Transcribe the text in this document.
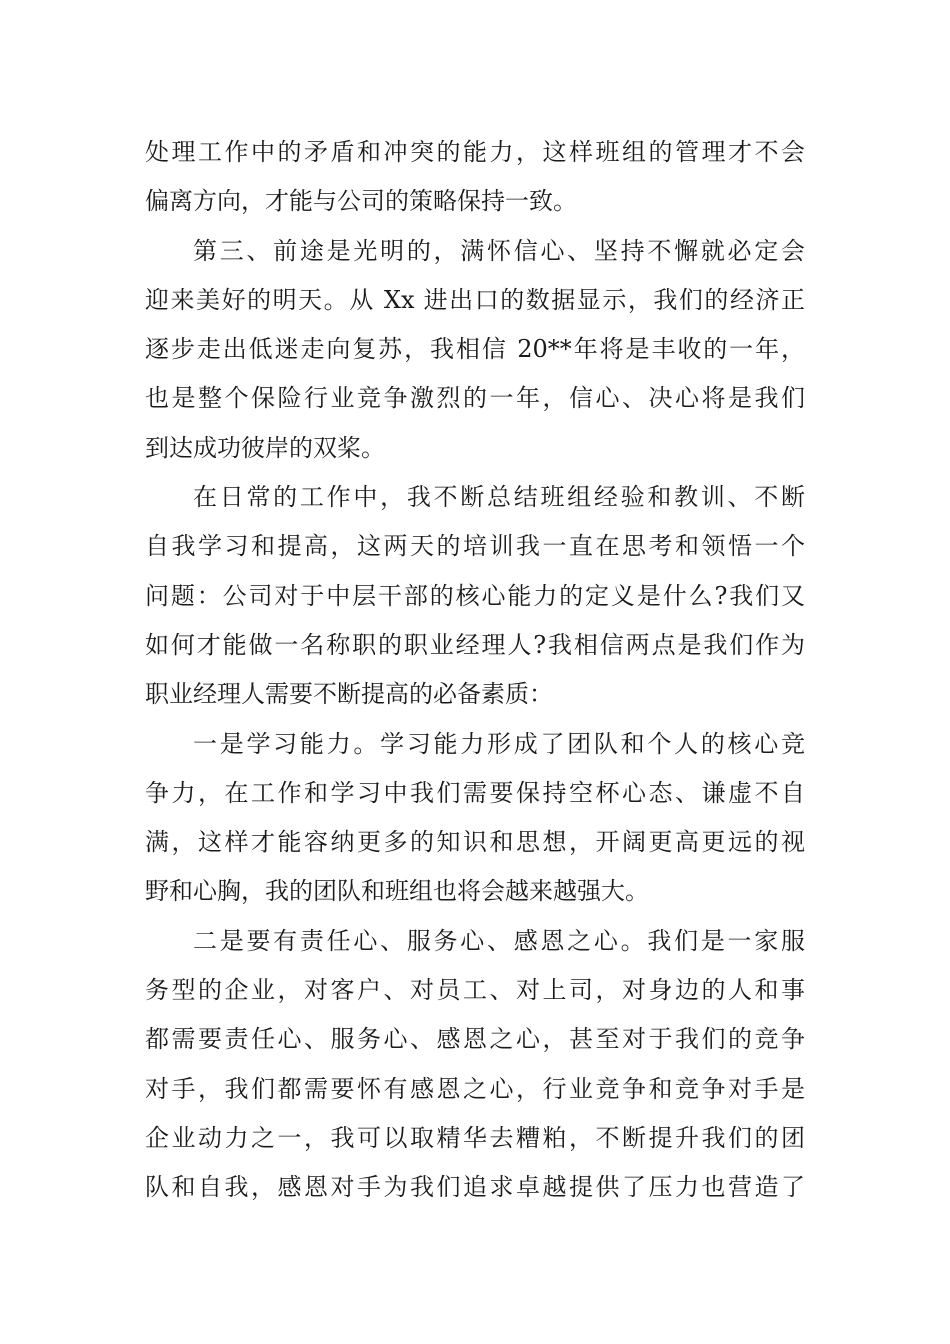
处理工作中的矛盾和冲突的能力，这样班组的管理才不会
偏离方向，才能与公司的策略保持一致。
第三、前途是光明的，满怀信心、坚持不懈就必定会
迎来美好的明天。从 Xx 进出口的数据显示，我们的经济正
逐步走出低迷走向复苏，我相信 20**年将是丰收的一年，
也是整个保险行业竞争激烈的一年，信心、决心将是我们
到达成功彼岸的双桨。
在日常的工作中，我不断总结班组经验和教训、不断
自我学习和提高，这两天的培训我一直在思考和领悟一个
问题：公司对于中层干部的核心能力的定义是什么?我们又
如何才能做一名称职的职业经理人?我相信两点是我们作为
职业经理人需要不断提高的必备素质：
一是学习能力。学习能力形成了团队和个人的核心竞
争力，在工作和学习中我们需要保持空杯心态、谦虚不自
满，这样才能容纳更多的知识和思想，开阔更高更远的视
野和心胸，我的团队和班组也将会越来越强大。
二是要有责任心、服务心、感恩之心。我们是一家服
务型的企业，对客户、对员工、对上司，对身边的人和事
都需要责任心、服务心、感恩之心，甚至对于我们的竞争
对手，我们都需要怀有感恩之心，行业竞争和竞争对手是
企业动力之一，我可以取精华去糟粕，不断提升我们的团
队和自我，感恩对手为我们追求卓越提供了压力也营造了
